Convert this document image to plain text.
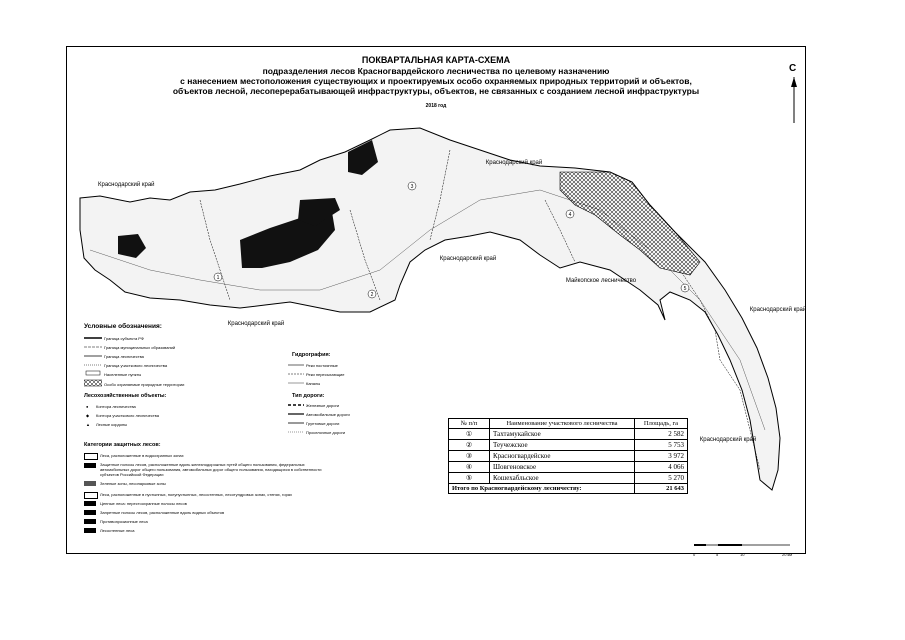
ПОКВАРТАЛЬНАЯ КАРТА-СХЕМА
подразделения лесов Красногвардейского лесничества по целевому назначению
с нанесением местоположения существующих и проектируемых особо охраняемых природных территорий и объектов,
объектов лесной, лесоперерабатывающей инфраструктуры, объектов, не связанных с созданием лесной инфраструктуры
2018 год
С
1
2
3
4
5
Краснодарский край
Краснодарский край
Краснодарский край
Краснодарский край
Краснодарский край
Краснодарский край
Майкопское лесничество
Условные обозначения:
Граница субъекта РФ
Граница муниципальных образований
Граница лесничества
Граница участкового лесничества
Населенные пункты
Особо охраняемые природные территории
Лесохозяйственные объекты:
Контора лесничества
Контора участкового лесничества
Лесные кордоны
●
◆
▲
Гидрография:
Реки постоянные
Реки пересыхающие
Каналы
Тип дороги:
Железные дороги
Автомобильные дороги
Грунтовые дороги
Проселочные дороги
Категории защитных лесов:
Леса, расположенные в водоохранных зонах
Защитные полосы лесов, расположенные вдоль железнодорожных путей общего пользования, федеральных автомобильных дорог общего пользования, автомобильных дорог общего пользования, находящихся в собственности субъектов Российской Федерации
Зеленые зоны, лесопарковые зоны
Леса, расположенные в пустынных, полупустынных, лесостепных, лесотундровых зонах, степях, горах
Ценные леса: нерестоохранные полосы лесов
Запретные полосы лесов, расположенные вдоль водных объектов
Противоэрозионные леса
Лесостепные леса
№ п/п	Наименование участкового лесничества	Площадь, га
①	Тахтамукайское	2 582
②	Теучежское	5 753
③	Красногвардейское	3 972
④	Шовгеновское	4 066
⑤	Кошехабльское	5 270
Итого по Красногвардейскому лесничеству:		21 643
0	5	10	20 км
